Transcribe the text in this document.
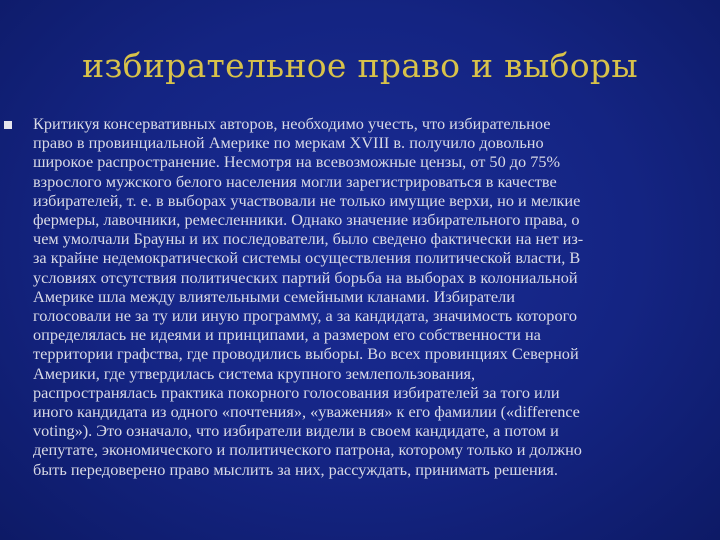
избирательное право и выборы
Критикуя консервативных авторов, необходимо учесть, что избирательное
право в провинциальной Америке по меркам XVIII в. получило довольно
широкое распространение. Несмотря на всевозможные цензы, от 50 до 75%
взрослого мужского белого населения могли зарегистрироваться в качестве
избирателей, т. е. в выборах участвовали не только имущие верхи, но и мелкие
фермеры, лавочники, ремесленники. Однако значение избирательного права, о
чем умолчали Брауны и их последователи, было сведено фактически на нет из-
за крайне недемократической системы осуществления политической власти, В
условиях отсутствия политических партий борьба на выборах в колониальной
Америке шла между влиятельными семейными кланами. Избиратели
голосовали не за ту или иную программу, а за кандидата, значимость которого
определялась не идеями и принципами, а размером его собственности на
территории графства, где проводились выборы. Во всех провинциях Северной
Америки, где утвердилась система крупного землепользования,
распространялась практика покорного голосования избирателей за того или
иного кандидата из одного «почтения», «уважения» к его фамилии («difference
voting»). Это означало, что избиратели видели в своем кандидате, а потом и
депутате, экономического и политического патрона, которому только и должно
быть передоверено право мыслить за них, рассуждать, принимать решения.
